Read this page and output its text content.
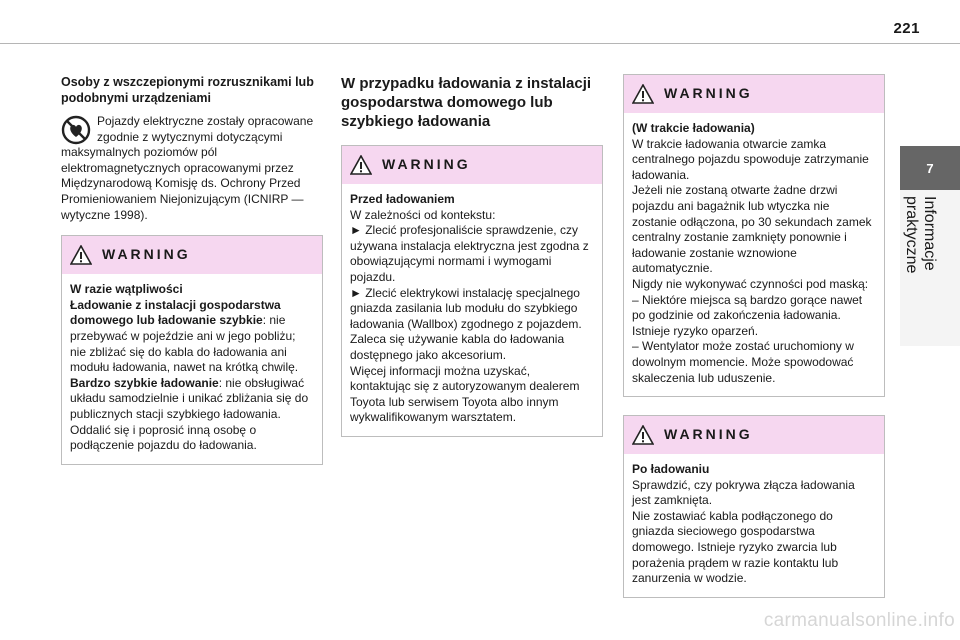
221
7
Informacje praktyczne
Osoby z wszczepionymi rozrusznikami lub podobnymi urządzeniami

Pojazdy elektryczne zostały opracowane zgodnie z wytycznymi dotyczącymi maksymalnych poziomów pól elektromagnetycznych opracowanymi przez Międzynarodową Komisję ds. Ochrony Przed Promieniowaniem Niejonizującym (ICNIRP — wytyczne 1998).

WARNING

W razie wątpliwości

Ładowanie z instalacji gospodarstwa domowego lub ładowanie szybkie: nie przebywać w pojeździe ani w jego pobliżu; nie zbliżać się do kabla do ładowania ani modułu ładowania, nawet na krótką chwilę.

Bardzo szybkie ładowanie: nie obsługiwać układu samodzielnie i unikać zbliżania się do publicznych stacji szybkiego ładowania. Oddalić się i poprosić inną osobę o podłączenie pojazdu do ładowania.

W przypadku ładowania z instalacji gospodarstwa domowego lub szybkiego ładowania
WARNING

Przed ładowaniem

W zależności od kontekstu:

► Zlecić profesjonaliście sprawdzenie, czy używana instalacja elektryczna jest zgodna z obowiązującymi normami i wymogami pojazdu.

► Zlecić elektrykowi instalację specjalnego gniazda zasilania lub modułu do szybkiego ładowania (Wallbox) zgodnego z pojazdem.

Zaleca się używanie kabla do ładowania dostępnego jako akcesorium.

Więcej informacji można uzyskać, kontaktując się z autoryzowanym dealerem Toyota lub serwisem Toyota albo innym wykwalifikowanym warsztatem.

WARNING

(W trakcie ładowania)

W trakcie ładowania otwarcie zamka centralnego pojazdu spowoduje zatrzymanie ładowania.

Jeżeli nie zostaną otwarte żadne drzwi pojazdu ani bagażnik lub wtyczka nie zostanie odłączona, po 30 sekundach zamek centralny zostanie zamknięty ponownie i ładowanie zostanie wznowione automatycznie.

Nigdy nie wykonywać czynności pod maską:

– Niektóre miejsca są bardzo gorące nawet po godzinie od zakończenia ładowania. Istnieje ryzyko oparzeń.

– Wentylator może zostać uruchomiony w dowolnym momencie. Może spowodować skaleczenia lub uduszenie.

WARNING

Po ładowaniu

Sprawdzić, czy pokrywa złącza ładowania jest zamknięta.

Nie zostawiać kabla podłączonego do gniazda sieciowego gospodarstwa domowego. Istnieje ryzyko zwarcia lub porażenia prądem w razie kontaktu lub zanurzenia w wodzie.

carmanualsonline.info
